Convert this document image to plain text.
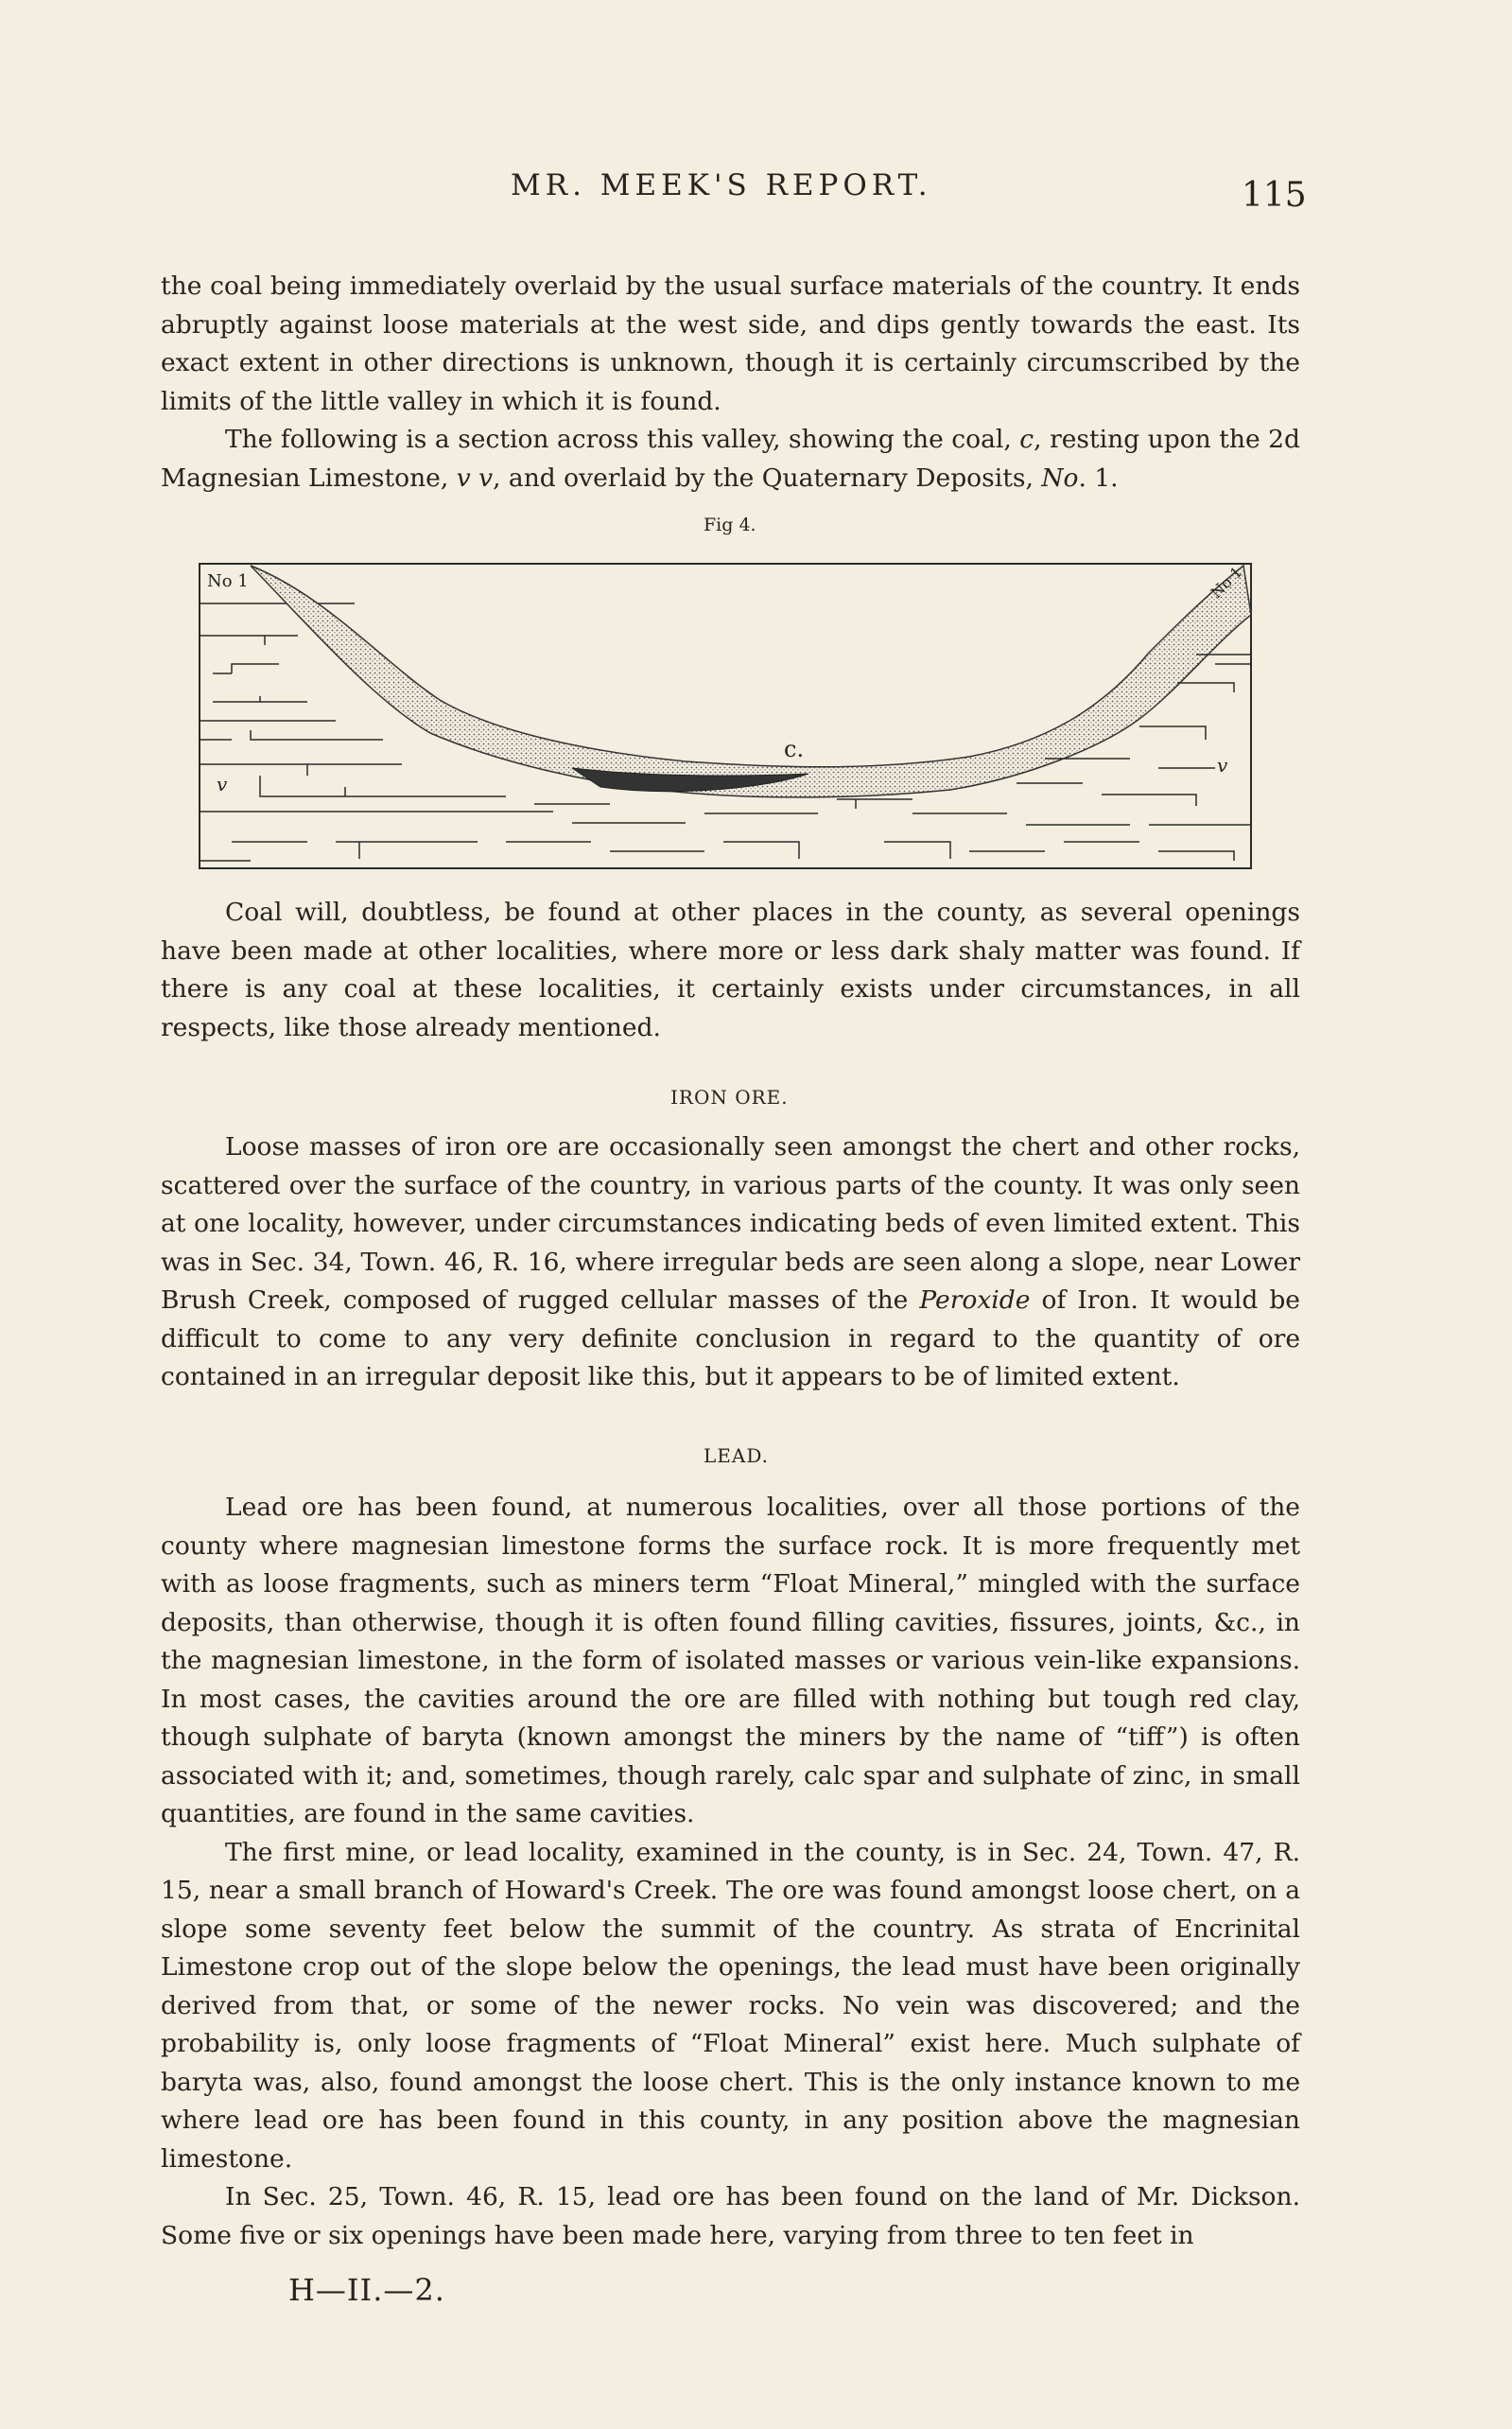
MR. MEEK'S REPORT.	115

the coal being immediately overlaid by the usual surface materials of the country. It ends abruptly against loose materials at the west side, and dips gently towards the east. Its exact extent in other directions is unknown, though it is certainly circumscribed by the limits of the little valley in which it is found.

The following is a section across this valley, showing the coal, c, resting upon the 2d Magnesian Limestone, v v, and overlaid by the Quaternary Deposits, No. 1.

Fig 4.
No 1	No 1
c.
v
v

Coal will, doubtless, be found at other places in the county, as several openings have been made at other localities, where more or less dark shaly matter was found. If there is any coal at these localities, it certainly exists under circumstances, in all respects, like those already mentioned.

IRON ORE.

Loose masses of iron ore are occasionally seen amongst the chert and other rocks, scattered over the surface of the country, in various parts of the county. It was only seen at one locality, however, under circumstances indicating beds of even limited extent. This was in Sec. 34, Town. 46, R. 16, where irregular beds are seen along a slope, near Lower Brush Creek, composed of rugged cellular masses of the Peroxide of Iron. It would be difficult to come to any very definite conclusion in regard to the quantity of ore contained in an irregular deposit like this, but it appears to be of limited extent.

LEAD.

Lead ore has been found, at numerous localities, over all those portions of the county where magnesian limestone forms the surface rock. It is more frequently met with as loose fragments, such as miners term “Float Mineral,” mingled with the surface deposits, than otherwise, though it is often found filling cavities, fissures, joints, &c., in the magnesian limestone, in the form of isolated masses or various vein-like expansions. In most cases, the cavities around the ore are filled with nothing but tough red clay, though sulphate of baryta (known amongst the miners by the name of “tiff”) is often associated with it; and, sometimes, though rarely, calc spar and sulphate of zinc, in small quantities, are found in the same cavities.

The first mine, or lead locality, examined in the county, is in Sec. 24, Town. 47, R. 15, near a small branch of Howard's Creek. The ore was found amongst loose chert, on a slope some seventy feet below the summit of the country. As strata of Encrinital Limestone crop out of the slope below the openings, the lead must have been originally derived from that, or some of the newer rocks. No vein was discovered; and the probability is, only loose fragments of “Float Mineral” exist here. Much sulphate of baryta was, also, found amongst the loose chert. This is the only instance known to me where lead ore has been found in this county, in any position above the magnesian limestone.

In Sec. 25, Town. 46, R. 15, lead ore has been found on the land of Mr. Dickson. Some five or six openings have been made here, varying from three to ten feet in

H—II.—2.
